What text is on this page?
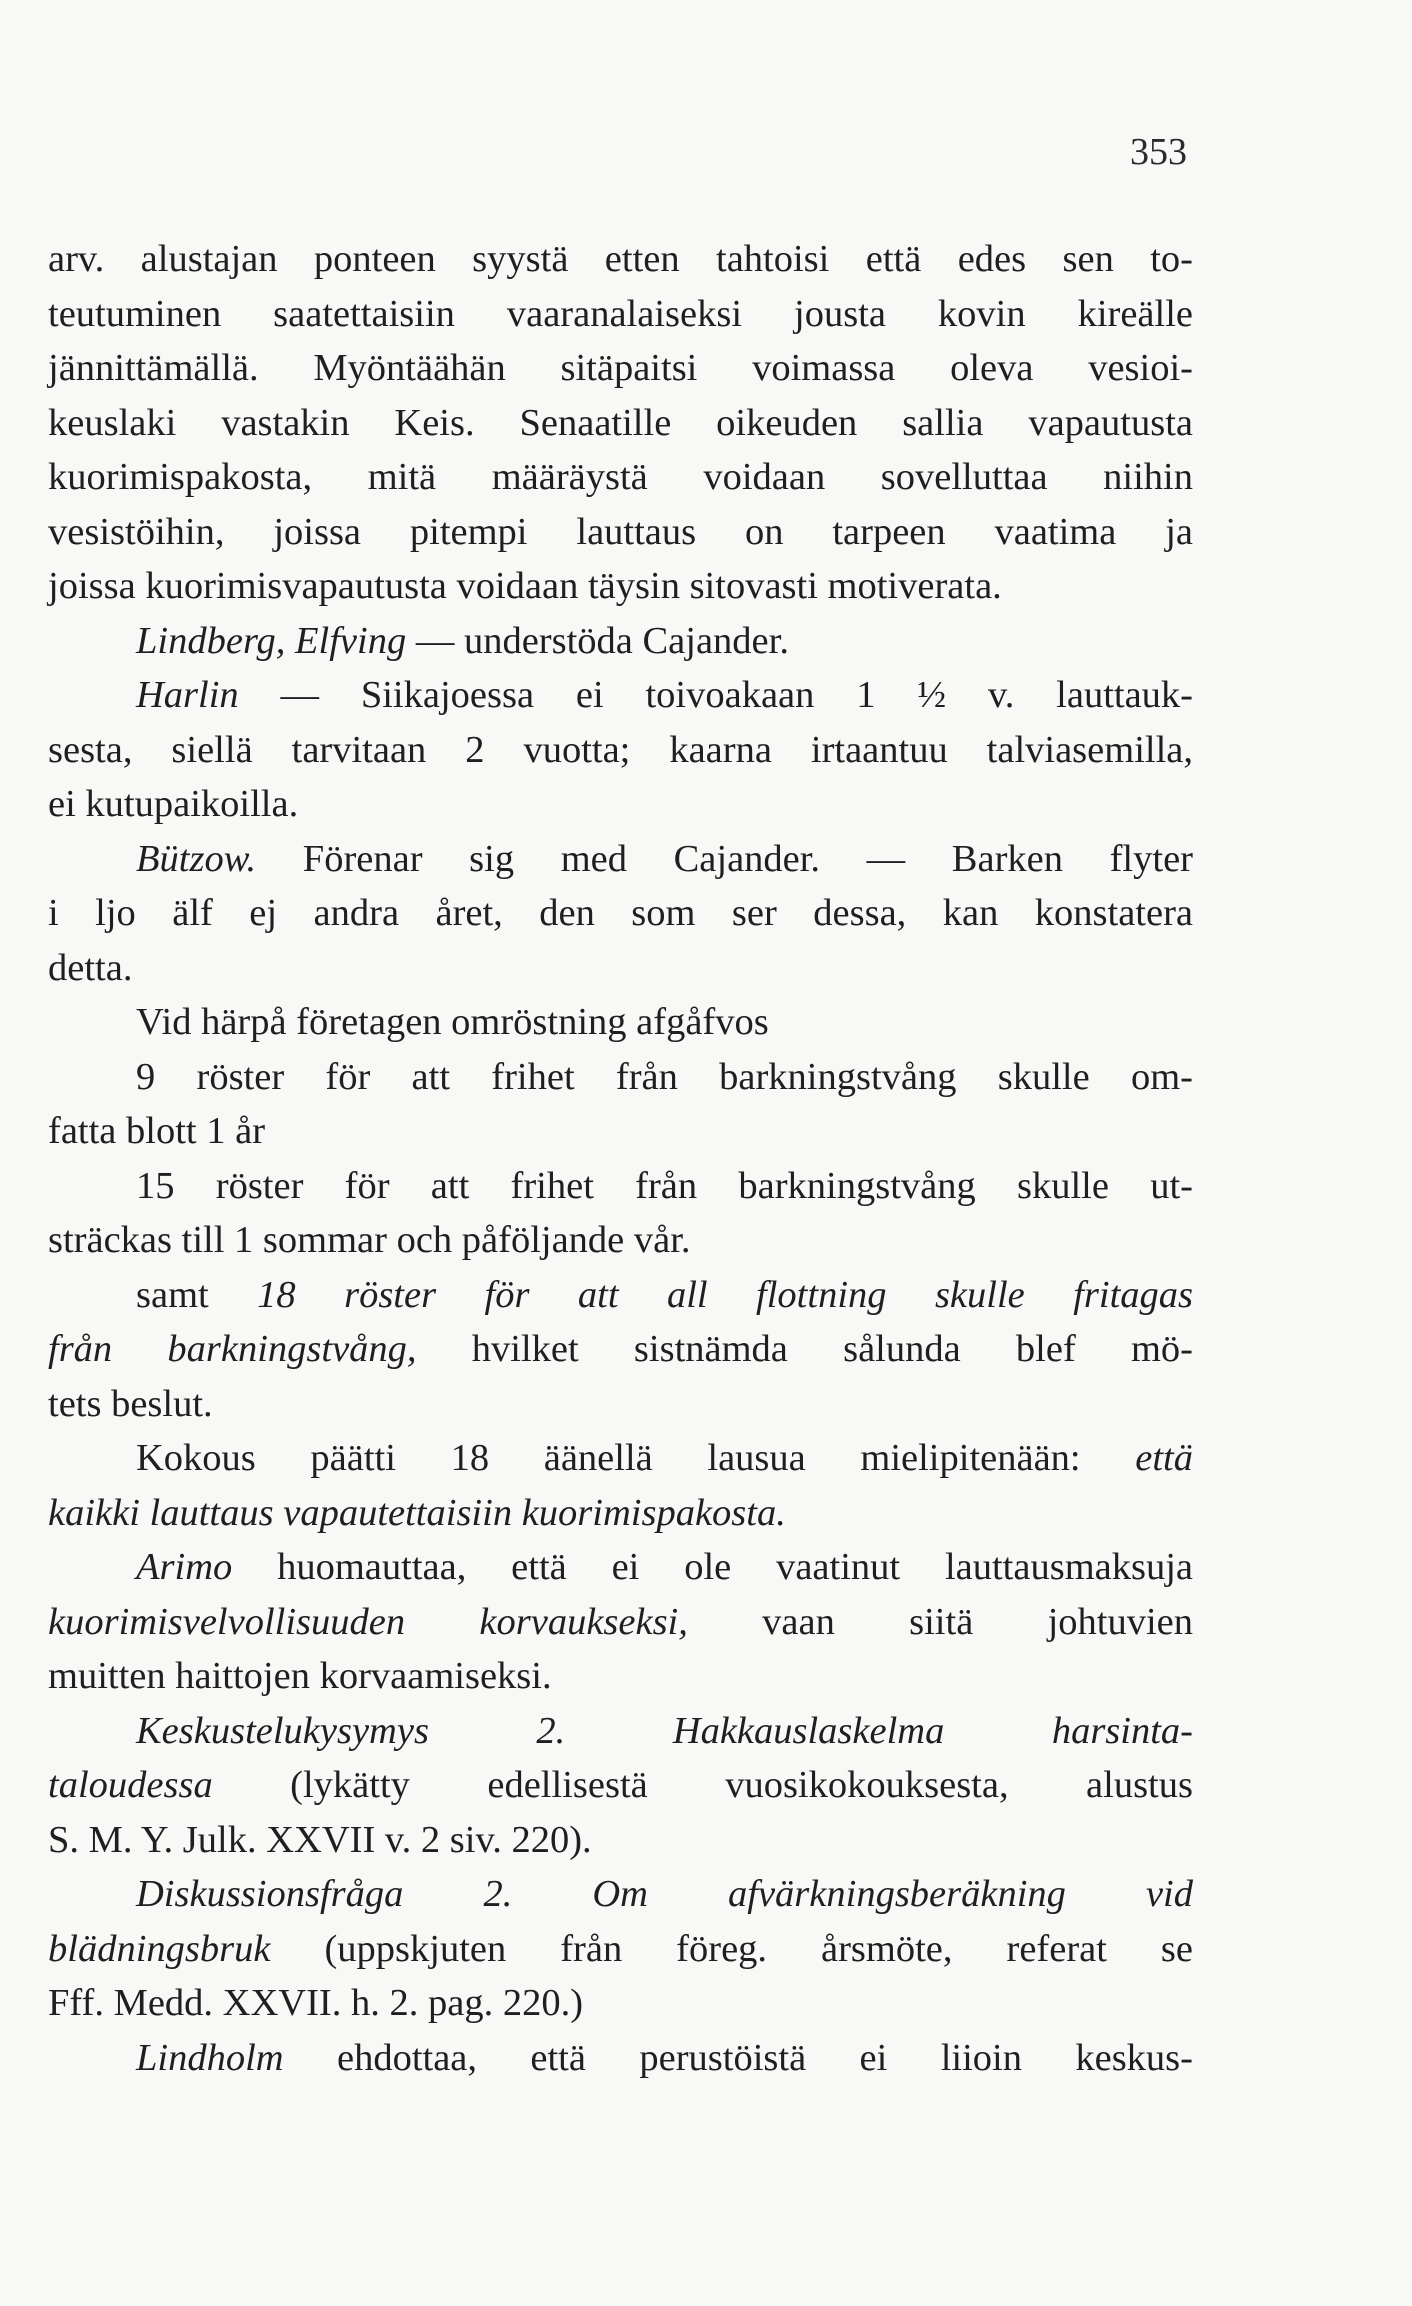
353
arv. alustajan ponteen syystä etten tahtoisi että edes sen to-
teutuminen saatettaisiin vaaranalaiseksi jousta kovin kireälle
jännittämällä. Myöntäähän sitäpaitsi voimassa oleva vesioi-
keuslaki vastakin Keis. Senaatille oikeuden sallia vapautusta
kuorimispakosta, mitä määräystä voidaan sovelluttaa niihin
vesistöihin, joissa pitempi lauttaus on tarpeen vaatima ja
joissa kuorimisvapautusta voidaan täysin sitovasti motiverata.
Lindberg, Elfving — understöda Cajander.
Harlin — Siikajoessa ei toivoakaan 1 ½ v. lauttauk-
sesta, siellä tarvitaan 2 vuotta; kaarna irtaantuu talviasemilla,
ei kutupaikoilla.
Bützow. Förenar sig med Cajander. — Barken flyter
i ljo älf ej andra året, den som ser dessa, kan konstatera
detta.
Vid härpå företagen omröstning afgåfvos
9 röster för att frihet från barkningstvång skulle om-
fatta blott 1 år
15 röster för att frihet från barkningstvång skulle ut-
sträckas till 1 sommar och påföljande vår.
samt 18 röster för att all flottning skulle fritagas
från barkningstvång, hvilket sistnämda sålunda blef mö-
tets beslut.
Kokous päätti 18 äänellä lausua mielipitenään: että
kaikki lauttaus vapautettaisiin kuorimispakosta.
Arimo huomauttaa, että ei ole vaatinut lauttausmaksuja
kuorimisvelvollisuuden korvaukseksi, vaan siitä johtuvien
muitten haittojen korvaamiseksi.
Keskustelukysymys 2. Hakkauslaskelma harsinta-
taloudessa (lykätty edellisestä vuosikokouksesta, alustus
S. M. Y. Julk. XXVII v. 2 siv. 220).
Diskussionsfråga 2. Om afvärkningsberäkning vid
blädningsbruk (uppskjuten från föreg. årsmöte, referat se
Fff. Medd. XXVII. h. 2. pag. 220.)
Lindholm ehdottaa, että perustöistä ei liioin keskus-
